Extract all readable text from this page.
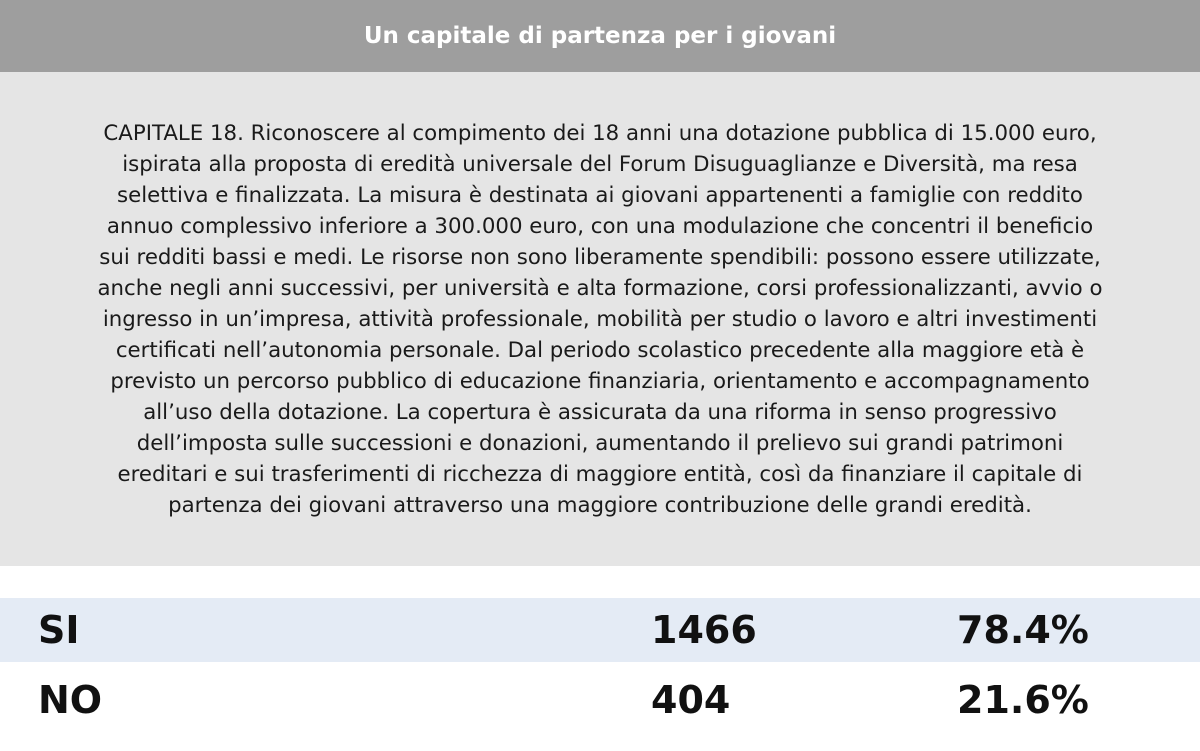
Un capitale di partenza per i giovani
CAPITALE 18. Riconoscere al compimento dei 18 anni una dotazione pubblica di 15.000 euro,
ispirata alla proposta di eredità universale del Forum Disuguaglianze e Diversità, ma resa
selettiva e finalizzata. La misura è destinata ai giovani appartenenti a famiglie con reddito
annuo complessivo inferiore a 300.000 euro, con una modulazione che concentri il beneficio
sui redditi bassi e medi. Le risorse non sono liberamente spendibili: possono essere utilizzate,
anche negli anni successivi, per università e alta formazione, corsi professionalizzanti, avvio o
ingresso in un’impresa, attività professionale, mobilità per studio o lavoro e altri investimenti
certificati nell’autonomia personale. Dal periodo scolastico precedente alla maggiore età è
previsto un percorso pubblico di educazione finanziaria, orientamento e accompagnamento
all’uso della dotazione. La copertura è assicurata da una riforma in senso progressivo
dell’imposta sulle successioni e donazioni, aumentando il prelievo sui grandi patrimoni
ereditari e sui trasferimenti di ricchezza di maggiore entità, così da finanziare il capitale di
partenza dei giovani attraverso una maggiore contribuzione delle grandi eredità.
SI	1466	78.4%
NO	404	21.6%
